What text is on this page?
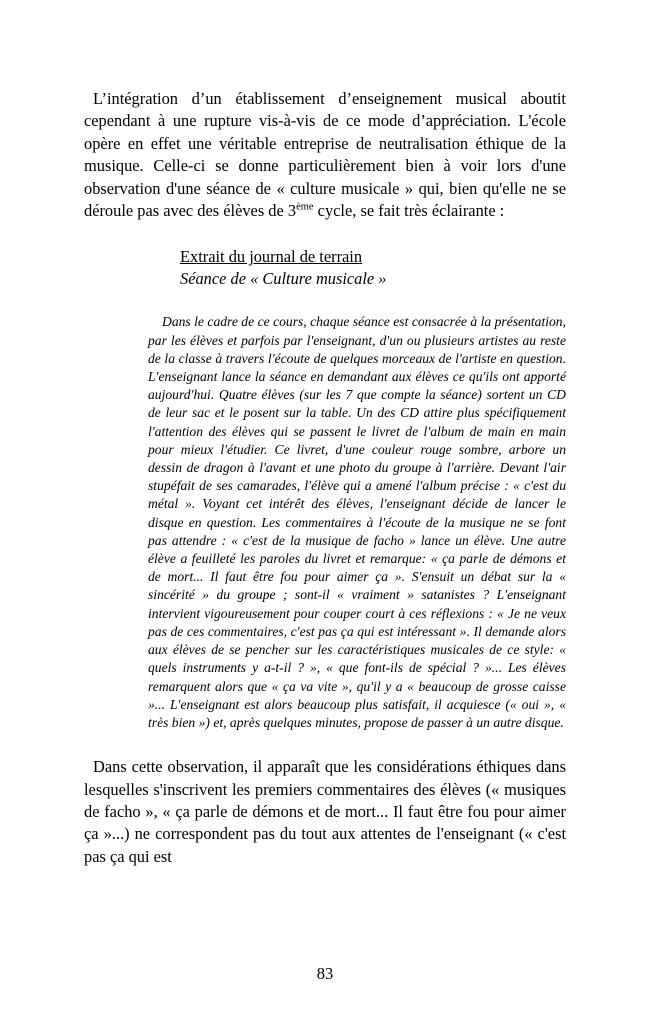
L’intégration d’un établissement d’enseignement musical aboutit cependant à une rupture vis-à-vis de ce mode d’appréciation. L'école opère en effet une véritable entreprise de neutralisation éthique de la musique. Celle-ci se donne particulièrement bien à voir lors d'une observation d'une séance de « culture musicale » qui, bien qu'elle ne se déroule pas avec des élèves de 3ème cycle, se fait très éclairante :

Extrait du journal de terrain
Séance de « Culture musicale »

Dans le cadre de ce cours, chaque séance est consacrée à la présentation, par les élèves et parfois par l'enseignant, d'un ou plusieurs artistes au reste de la classe à travers l'écoute de quelques morceaux de l'artiste en question. L'enseignant lance la séance en demandant aux élèves ce qu'ils ont apporté aujourd'hui. Quatre élèves (sur les 7 que compte la séance) sortent un CD de leur sac et le posent sur la table. Un des CD attire plus spécifiquement l'attention des élèves qui se passent le livret de l'album de main en main pour mieux l'étudier. Ce livret, d'une couleur rouge sombre, arbore un dessin de dragon à l'avant et une photo du groupe à l'arrière. Devant l'air stupéfait de ses camarades, l'élève qui a amené l'album précise : « c'est du métal ». Voyant cet intérêt des élèves, l'enseignant décide de lancer le disque en question. Les commentaires à l'écoute de la musique ne se font pas attendre : « c'est de la musique de facho » lance un élève. Une autre élève a feuilleté les paroles du livret et remarque: « ça parle de démons et de mort... Il faut être fou pour aimer ça ». S'ensuit un débat sur la « sincérité » du groupe ; sont-il « vraiment » satanistes ? L'enseignant intervient vigoureusement pour couper court à ces réflexions : « Je ne veux pas de ces commentaires, c'est pas ça qui est intéressant ». Il demande alors aux élèves de se pencher sur les caractéristiques musicales de ce style: « quels instruments y a-t-il ? », « que font-ils de spécial ? »... Les élèves remarquent alors que « ça va vite », qu'il y a « beaucoup de grosse caisse »... L'enseignant est alors beaucoup plus satisfait, il acquiesce (« oui », « très bien ») et, après quelques minutes, propose de passer à un autre disque.

Dans cette observation, il apparaît que les considérations éthiques dans lesquelles s'inscrivent les premiers commentaires des élèves (« musiques de facho », « ça parle de démons et de mort... Il faut être fou pour aimer ça »...) ne correspondent pas du tout aux attentes de l'enseignant (« c'est pas ça qui est

83
